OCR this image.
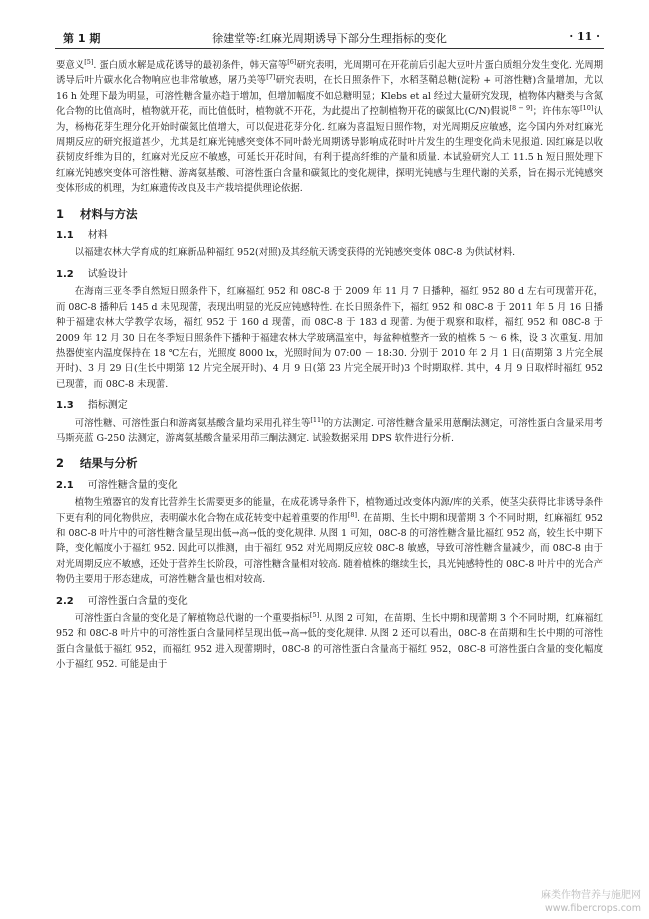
第 1 期	徐建堂等:红麻光周期诱导下部分生理指标的变化	· 11 ·

要意义[5]. 蛋白质水解是成花诱导的最初条件，韩天富等[6]研究表明，光周期可在开花前后引起大豆叶片蛋白质组分发生变化. 光周期诱导后叶片碳水化合物响应也非常敏感，屠乃美等[7]研究表明，在长日照条件下，水稻茎鞘总糖(淀粉 + 可溶性糖)含量增加，尤以 16 h 处理下最为明显，可溶性糖含量亦趋于增加，但增加幅度不如总糖明显；Klebs et al 经过大量研究发现，植物体内糖类与含氮化合物的比值高时，植物就开花，而比值低时，植物就不开花，为此提出了控制植物开花的碳氮比(C/N)假说[8 − 9]；许伟东等[10]认为，杨梅花芽生理分化开始时碳氮比值增大，可以促进花芽分化. 红麻为喜温短日照作物，对光周期反应敏感，迄今国内外对红麻光周期反应的研究报道甚少，尤其是红麻光钝感突变体不同叶龄光周期诱导影响成花时叶片发生的生理变化尚未见报道. 因红麻是以收获韧皮纤维为目的，红麻对光反应不敏感，可延长开花时间，有利于提高纤维的产量和质量. 本试验研究人工 11.5 h 短日照处理下红麻光钝感突变体可溶性糖、游离氨基酸、可溶性蛋白含量和碳氮比的变化规律，探明光钝感与生理代谢的关系，旨在揭示光钝感突变体形成的机理，为红麻遗传改良及丰产栽培提供理论依据.

1 材料与方法
1.1 材料

以福建农林大学育成的红麻新品种福红 952(对照)及其经航天诱变获得的光钝感突变体 08C-8 为供试材料.

1.2 试验设计

在海南三亚冬季自然短日照条件下，红麻福红 952 和 08C-8 于 2009 年 11 月 7 日播种，福红 952 80 d 左右可现蕾开花，而 08C-8 播种后 145 d 未见现蕾，表现出明显的光反应钝感特性. 在长日照条件下，福红 952 和 08C-8 于 2011 年 5 月 16 日播种于福建农林大学教学农场，福红 952 于 160 d 现蕾，而 08C-8 于 183 d 现蕾. 为便于观察和取样，福红 952 和 08C-8 于 2009 年 12 月 30 日在冬季短日照条件下播种于福建农林大学玻璃温室中，每盆种植整齐一致的植株 5 ～ 6 株，设 3 次重复. 用加热器使室内温度保持在 18 ℃左右，光照度 8000 lx，光照时间为 07:00 － 18:30. 分别于 2010 年 2 月 1 日(苗期第 3 片完全展开时)、3 月 29 日(生长中期第 12 片完全展开时)、4 月 9 日(第 23 片完全展开时)3 个时期取样. 其中，4 月 9 日取样时福红 952 已现蕾，而 08C-8 未现蕾.

1.3 指标测定

可溶性糖、可溶性蛋白和游离氨基酸含量均采用孔祥生等[11]的方法测定. 可溶性糖含量采用蒽酮法测定，可溶性蛋白含量采用考马斯亮蓝 G-250 法测定，游离氨基酸含量采用茚三酮法测定. 试验数据采用 DPS 软件进行分析.

2 结果与分析
2.1 可溶性糖含量的变化

植物生殖器官的发育比营养生长需要更多的能量，在成花诱导条件下，植物通过改变体内源/库的关系，使茎尖获得比非诱导条件下更有利的同化物供应，表明碳水化合物在成花转变中起着重要的作用[8]. 在苗期、生长中期和现蕾期 3 个不同时期，红麻福红 952 和 08C-8 叶片中的可溶性糖含量呈现出低→高→低的变化规律. 从图 1 可知，08C-8 的可溶性糖含量比福红 952 高，较生长中期下降，变化幅度小于福红 952. 因此可以推测，由于福红 952 对光周期反应较 08C-8 敏感，导致可溶性糖含量减少，而 08C-8 由于对光周期反应不敏感，还处于营养生长阶段，可溶性糖含量相对较高. 随着植株的继续生长，具光钝感特性的 08C-8 叶片中的光合产物仍主要用于形态建成，可溶性糖含量也相对较高.

2.2 可溶性蛋白含量的变化

可溶性蛋白含量的变化是了解植物总代谢的一个重要指标[5]. 从图 2 可知，在苗期、生长中期和现蕾期 3 个不同时期，红麻福红 952 和 08C-8 叶片中的可溶性蛋白含量同样呈现出低→高→低的变化规律. 从图 2 还可以看出，08C-8 在苗期和生长中期的可溶性蛋白含量低于福红 952，而福红 952 进入现蕾期时，08C-8 的可溶性蛋白含量高于福红 952，08C-8 可溶性蛋白含量的变化幅度小于福红 952. 可能是由于

麻类作物营养与施肥网
www.fibercrops.com
